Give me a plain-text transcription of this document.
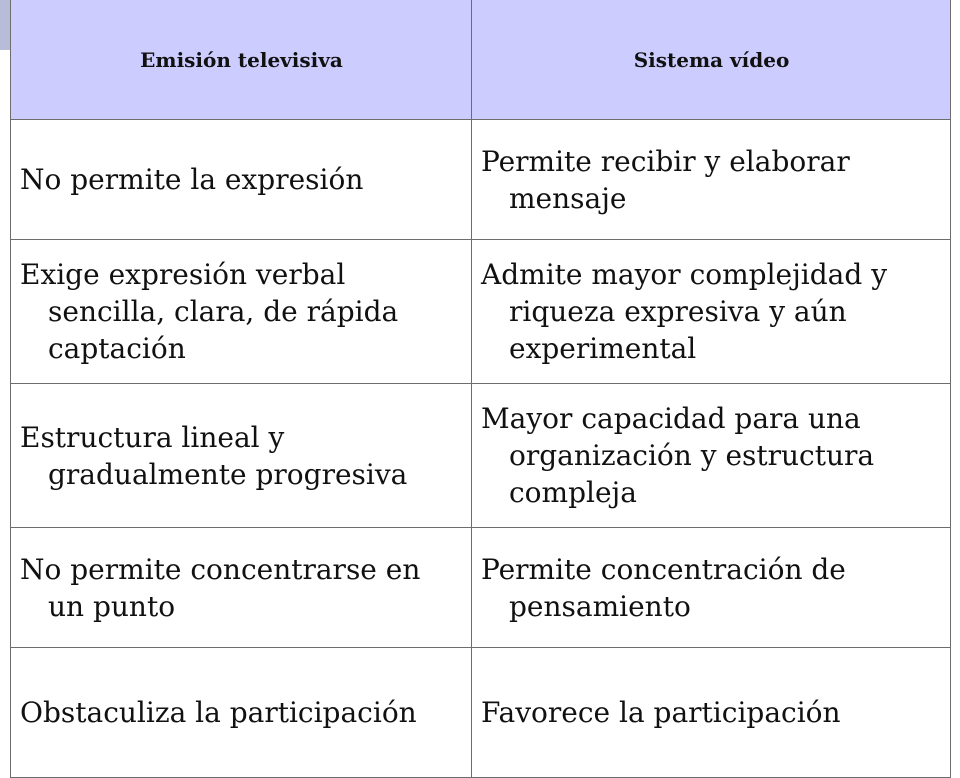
Emisión televisiva	Sistema vídeo

No permite la expresión	Permite recibir y elaborar mensaje

Exige expresión verbal sencilla, clara, de rápida captación	Admite mayor complejidad y riqueza expresiva y aún experimental

Estructura lineal y gradualmente progresiva	Mayor capacidad para una organización y estructura compleja

No permite concentrarse en un punto	Permite concentración de pensamiento

Obstaculiza la participación	Favorece la participación
